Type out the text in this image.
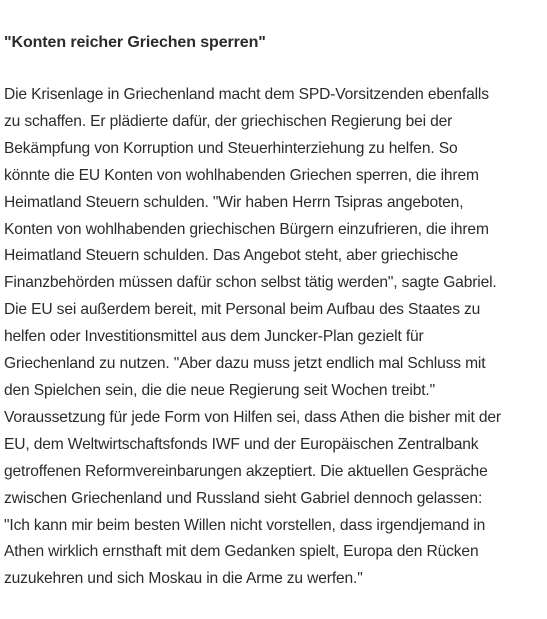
"Konten reicher Griechen sperren"

Die Krisenlage in Griechenland macht dem SPD-Vorsitzenden ebenfalls
zu schaffen. Er plädierte dafür, der griechischen Regierung bei der
Bekämpfung von Korruption und Steuerhinterziehung zu helfen. So
könnte die EU Konten von wohlhabenden Griechen sperren, die ihrem
Heimatland Steuern schulden. "Wir haben Herrn Tsipras angeboten,
Konten von wohlhabenden griechischen Bürgern einzufrieren, die ihrem
Heimatland Steuern schulden. Das Angebot steht, aber griechische
Finanzbehörden müssen dafür schon selbst tätig werden", sagte Gabriel.
Die EU sei außerdem bereit, mit Personal beim Aufbau des Staates zu
helfen oder Investitionsmittel aus dem Juncker-Plan gezielt für
Griechenland zu nutzen. "Aber dazu muss jetzt endlich mal Schluss mit
den Spielchen sein, die die neue Regierung seit Wochen treibt."
Voraussetzung für jede Form von Hilfen sei, dass Athen die bisher mit der
EU, dem Weltwirtschaftsfonds IWF und der Europäischen Zentralbank
getroffenen Reformvereinbarungen akzeptiert. Die aktuellen Gespräche
zwischen Griechenland und Russland sieht Gabriel dennoch gelassen:
"Ich kann mir beim besten Willen nicht vorstellen, dass irgendjemand in
Athen wirklich ernsthaft mit dem Gedanken spielt, Europa den Rücken
zuzukehren und sich Moskau in die Arme zu werfen."
